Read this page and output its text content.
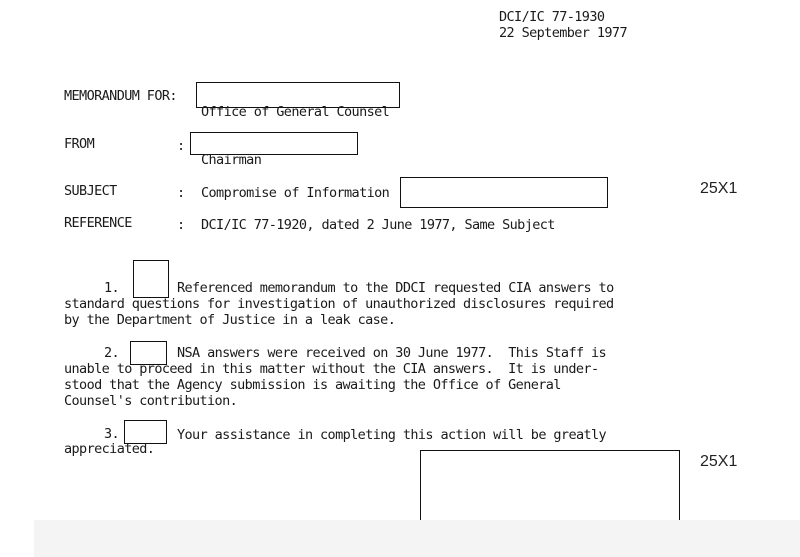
DCI/IC 77-1930
22 September 1977
MEMORANDUM FOR:
Office of General Counsel
FROM	:
Chairman
SUBJECT	: Compromise of Information	25X1
REFERENCE	: DCI/IC 77-1920, dated 2 June 1977, Same Subject
1.	Referenced memorandum to the DDCI requested CIA answers to
standard questions for investigation of unauthorized disclosures required
by the Department of Justice in a leak case.
2.	NSA answers were received on 30 June 1977.  This Staff is
unable to proceed in this matter without the CIA answers.  It is under-
stood that the Agency submission is awaiting the Office of General
Counsel's contribution.
3.	Your assistance in completing this action will be greatly
appreciated.
25X1
